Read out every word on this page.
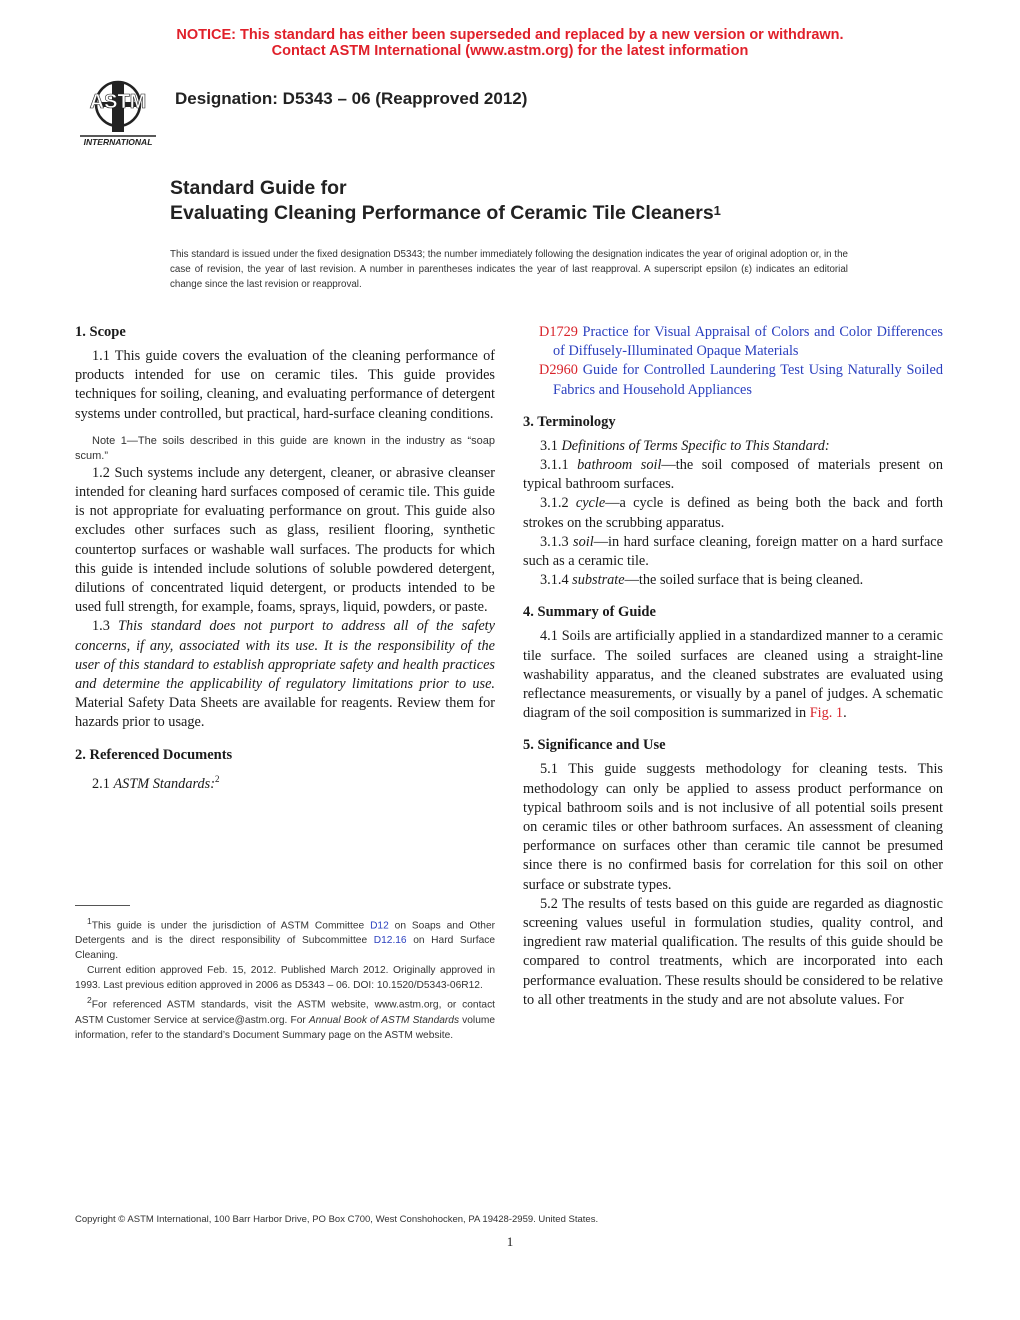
NOTICE: This standard has either been superseded and replaced by a new version or withdrawn.
Contact ASTM International (www.astm.org) for the latest information
ASTM
INTERNATIONAL
Designation: D5343 – 06 (Reapproved 2012)
Standard Guide for
Evaluating Cleaning Performance of Ceramic Tile Cleaners$^1$
This standard is issued under the fixed designation D5343; the number immediately following the designation indicates the year of original adoption or, in the case of revision, the year of last revision. A number in parentheses indicates the year of last reapproval. A superscript epsilon (ε) indicates an editorial change since the last revision or reapproval.
1. Scope

1.1 This guide covers the evaluation of the cleaning performance of products intended for use on ceramic tiles. This guide provides techniques for soiling, cleaning, and evaluating performance of detergent systems under controlled, but practical, hard-surface cleaning conditions.

Note 1—The soils described in this guide are known in the industry as “soap scum.”

1.2 Such systems include any detergent, cleaner, or abrasive cleanser intended for cleaning hard surfaces composed of ceramic tile. This guide is not appropriate for evaluating performance on grout. This guide also excludes other surfaces such as glass, resilient flooring, synthetic countertop surfaces or washable wall surfaces. The products for which this guide is intended include solutions of soluble powdered detergent, dilutions of concentrated liquid detergent, or products intended to be used full strength, for example, foams, sprays, liquid, powders, or paste.

1.3 This standard does not purport to address all of the safety concerns, if any, associated with its use. It is the responsibility of the user of this standard to establish appropriate safety and health practices and determine the applicability of regulatory limitations prior to use. Material Safety Data Sheets are available for reagents. Review them for hazards prior to usage.

2. Referenced Documents

2.1 ASTM Standards:$^2$

$^1$This guide is under the jurisdiction of ASTM Committee D12 on Soaps and Other Detergents and is the direct responsibility of Subcommittee D12.16 on Hard Surface Cleaning.

Current edition approved Feb. 15, 2012. Published March 2012. Originally approved in 1993. Last previous edition approved in 2006 as D5343 – 06. DOI: 10.1520/D5343-06R12.

$^2$For referenced ASTM standards, visit the ASTM website, www.astm.org, or contact ASTM Customer Service at service@astm.org. For Annual Book of ASTM Standards volume information, refer to the standard’s Document Summary page on the ASTM website.

D1729 Practice for Visual Appraisal of Colors and Color Differences of Diffusely-Illuminated Opaque Materials

D2960 Guide for Controlled Laundering Test Using Naturally Soiled Fabrics and Household Appliances

3. Terminology

3.1 Definitions of Terms Specific to This Standard:

3.1.1 bathroom soil—the soil composed of materials present on typical bathroom surfaces.

3.1.2 cycle—a cycle is defined as being both the back and forth strokes on the scrubbing apparatus.

3.1.3 soil—in hard surface cleaning, foreign matter on a hard surface such as a ceramic tile.

3.1.4 substrate—the soiled surface that is being cleaned.

4. Summary of Guide

4.1 Soils are artificially applied in a standardized manner to a ceramic tile surface. The soiled surfaces are cleaned using a straight-line washability apparatus, and the cleaned substrates are evaluated using reflectance measurements, or visually by a panel of judges. A schematic diagram of the soil composition is summarized in Fig. 1.

5. Significance and Use

5.1 This guide suggests methodology for cleaning tests. This methodology can only be applied to assess product performance on typical bathroom soils and is not inclusive of all potential soils present on ceramic tiles or other bathroom surfaces. An assessment of cleaning performance on surfaces other than ceramic tile cannot be presumed since there is no confirmed basis for correlation for this soil on other surface or substrate types.

5.2 The results of tests based on this guide are regarded as diagnostic screening values useful in formulation studies, quality control, and ingredient raw material qualification. The results of this guide should be compared to control treatments, which are incorporated into each performance evaluation. These results should be considered to be relative to all other treatments in the study and are not absolute values. For

Copyright © ASTM International, 100 Barr Harbor Drive, PO Box C700, West Conshohocken, PA 19428-2959. United States.
1
